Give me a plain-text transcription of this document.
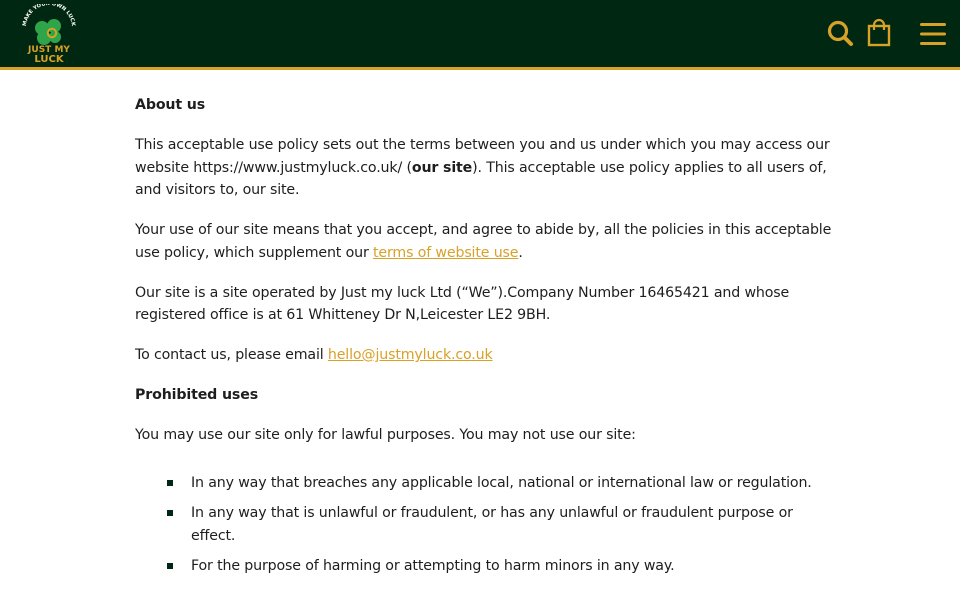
MAKE YOUR OWN LUCK
JUST MY
LUCK

About us

This acceptable use policy sets out the terms between you and us under which you may access our website https://www.justmyluck.co.uk/ (our site). This acceptable use policy applies to all users of, and visitors to, our site.

Your use of our site means that you accept, and agree to abide by, all the policies in this acceptable use policy, which supplement our terms of website use.

Our site is a site operated by Just my luck Ltd (“We”).Company Number 16465421 and whose registered office is at 61 Whitteney Dr N,Leicester LE2 9BH.

To contact us, please email hello@justmyluck.co.uk

Prohibited uses

You may use our site only for lawful purposes. You may not use our site:

In any way that breaches any applicable local, national or international law or regulation.
In any way that is unlawful or fraudulent, or has any unlawful or fraudulent purpose or effect.
For the purpose of harming or attempting to harm minors in any way.
